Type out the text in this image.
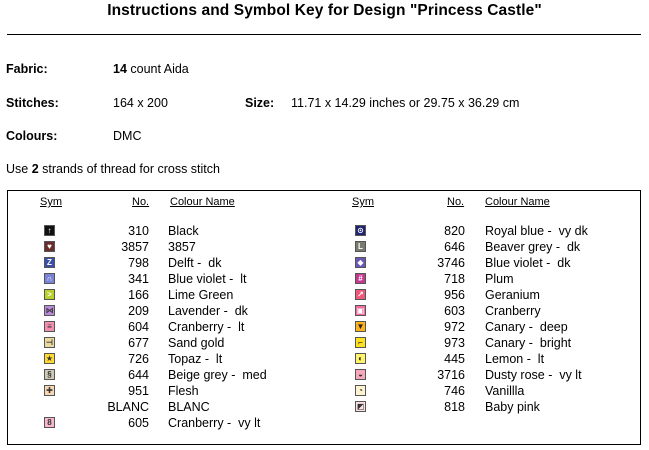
Instructions and Symbol Key for Design "Princess Castle"
Fabric:	14 count Aida
Stitches:	164 x 200	Size: 11.71 x 14.29 inches or 29.75 x 36.29 cm
Colours:	DMC
Use 2 strands of thread for cross stitch
Sym	No. Colour Name	Sym	No. Colour Name
↑	310 Black
♥	3857 3857
Z	798 Delft -  dk
∩	341 Blue violet -  lt
>	166 Lime Green
⋈	209 Lavender -  dk
≡	604 Cranberry -  lt
⊣	677 Sand gold
★	726 Topaz -  lt
§	644 Beige grey -  med
✚	951 Flesh
BLANC BLANC
8	605 Cranberry -  vy lt
⊙	820 Royal blue -  vy dk
L	646 Beaver grey -  dk
◆	3746 Blue violet -  dk
#	718 Plum
↗	956 Geranium
▣	603 Cranberry
▼	972 Canary -  deep
⌐	973 Canary -  bright
◐	445 Lemon -  lt
◒	3716 Dusty rose -  vy lt
◔	746 Vanillla
◩	818 Baby pink
